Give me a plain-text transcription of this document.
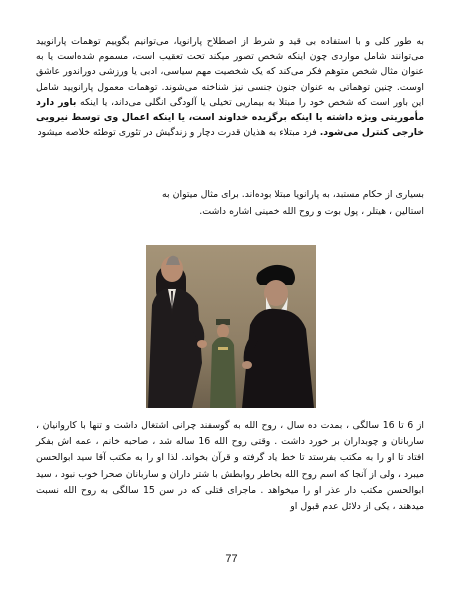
به طور کلی و با استفاده بی قید و شرط از اصطلاح پارانویا، می‌توانیم بگوییم توهمات پارانویید می‌توانند شامل مواردی چون اینکه شخص تصور میکند تحت تعقیب است، مسموم شده‌است یا به عنوان مثال شخص متوهم فکر می‌کند که یک شخصیت مهم سیاسی، ادبی یا ورزشی دوراندور عاشق اوست. چنین توهماتی به عنوان جنون جنسی نیز شناخته می‌شوند. توهمات معمول پارانویید شامل این باور است که شخص خود را مبتلا به بیماریی تخیلی یا آلودگی انگلی می‌داند، یا اینکه باور دارد مأموریتی ویژه داشته یا اینکه برگزیده خداوند است، یا اینکه اعمال وی توسط نیرویی خارجی کنترل می‌شود. فرد مبتلاء به هذیان قدرت دچار و زندگیش در تئوری توطئه خلاصه میشود

بسیاری از حکام مستبد، به پارانویا مبتلا بوده‌اند. برای مثال میتوان به

استالین ، هیتلر ، پول بوت و روح الله خمینی اشاره داشت.

از 6 تا 16 سالگی ، بمدت ده سال ، روح الله به گوسفند چرانی اشتغال داشت و تنها با کاروانیان ، ساربانان و چوبداران بر خورد داشت . وقتی روح الله 16 ساله شد ، صاحبه خانم ، عمه اش بفکر افتاد تا او را به مکتب بفرستد تا خط یاد گرفته و قرآن بخواند. لذا او را به مکتب آقا سید ابوالحسن میبرد ، ولی از آنجا که اسم روح الله بخاطر روابطش با شتر داران و ساربانان صحرا خوب نبود ، سید ابوالحسن مکتب دار عذر او را میخواهد . ماجرای قتلی که در سن 15 سالگی به روح الله نسبت میدهند ، یکی از دلائل عدم قبول او

77
